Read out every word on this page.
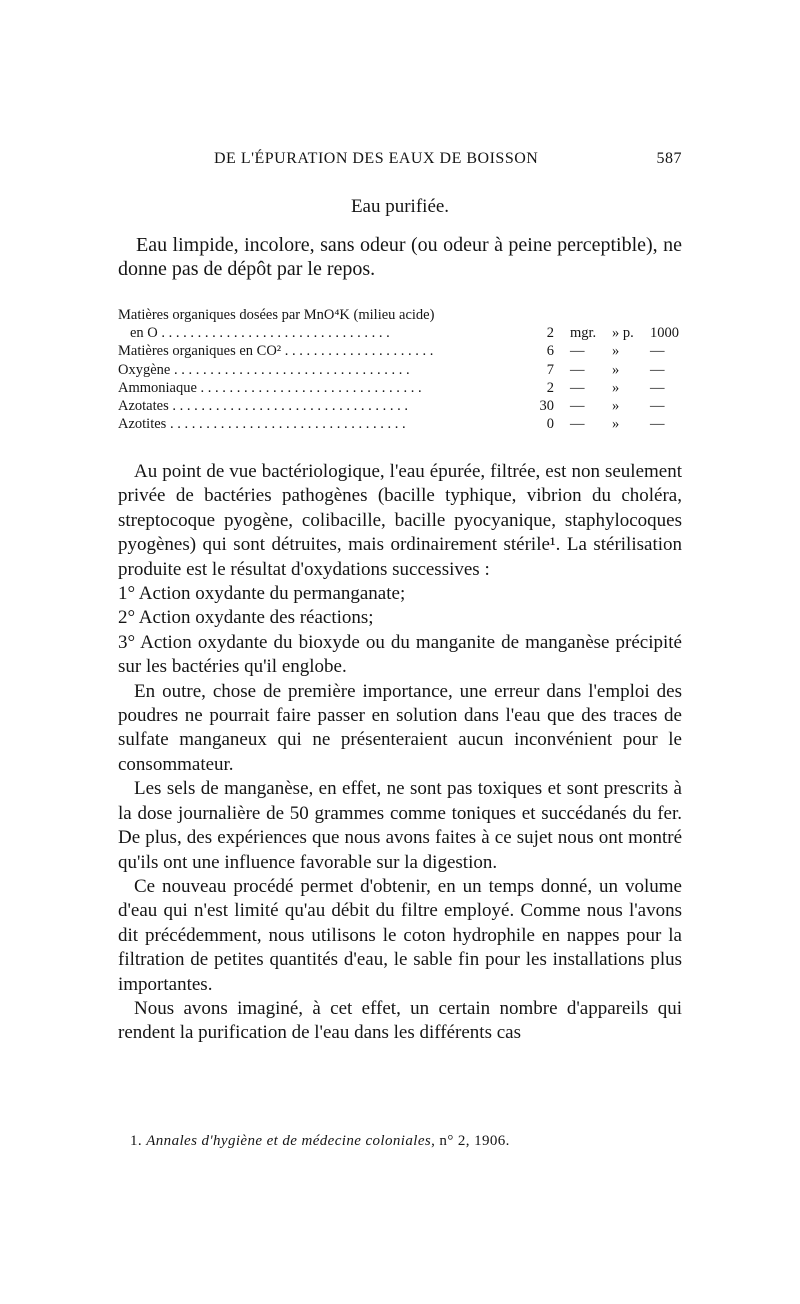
DE L'ÉPURATION DES EAUX DE BOISSON	587
Eau purifiée.

Eau limpide, incolore, sans odeur (ou odeur à peine perceptible), ne donne pas de dépôt par le repos.

Matières organiques dosées par MnO⁴K (milieu acide)
en O . . . . . . . . . . . . . . . . . . . . . . . . . . . . . . . .	2 mgr. » p. 1000
Matières organiques en CO² . . . . . . . . . . . . . . . . . . . . .	6 — » —
Oxygène . . . . . . . . . . . . . . . . . . . . . . . . . . . . . . . . .	7 — » —
Ammoniaque . . . . . . . . . . . . . . . . . . . . . . . . . . . . . . .	2 — » —
Azotates . . . . . . . . . . . . . . . . . . . . . . . . . . . . . . . . .	30 — » —
Azotites . . . . . . . . . . . . . . . . . . . . . . . . . . . . . . . . .	0 — » —

Au point de vue bactériologique, l'eau épurée, filtrée, est non seulement privée de bactéries pathogènes (bacille typhique, vibrion du choléra, streptocoque pyogène, colibacille, bacille pyocyanique, staphylocoques pyogènes) qui sont détruites, mais ordinairement stérile¹. La stérilisation produite est le résultat d'oxydations successives :

1° Action oxydante du permanganate;

2° Action oxydante des réactions;

3° Action oxydante du bioxyde ou du manganite de manganèse précipité sur les bactéries qu'il englobe.

En outre, chose de première importance, une erreur dans l'emploi des poudres ne pourrait faire passer en solution dans l'eau que des traces de sulfate manganeux qui ne présenteraient aucun inconvénient pour le consommateur.

Les sels de manganèse, en effet, ne sont pas toxiques et sont prescrits à la dose journalière de 50 grammes comme toniques et succédanés du fer. De plus, des expériences que nous avons faites à ce sujet nous ont montré qu'ils ont une influence favorable sur la digestion.

Ce nouveau procédé permet d'obtenir, en un temps donné, un volume d'eau qui n'est limité qu'au débit du filtre employé. Comme nous l'avons dit précédemment, nous utilisons le coton hydrophile en nappes pour la filtration de petites quantités d'eau, le sable fin pour les installations plus importantes.

Nous avons imaginé, à cet effet, un certain nombre d'appareils qui rendent la purification de l'eau dans les différents cas

1. Annales d'hygiène et de médecine coloniales, n° 2, 1906.
